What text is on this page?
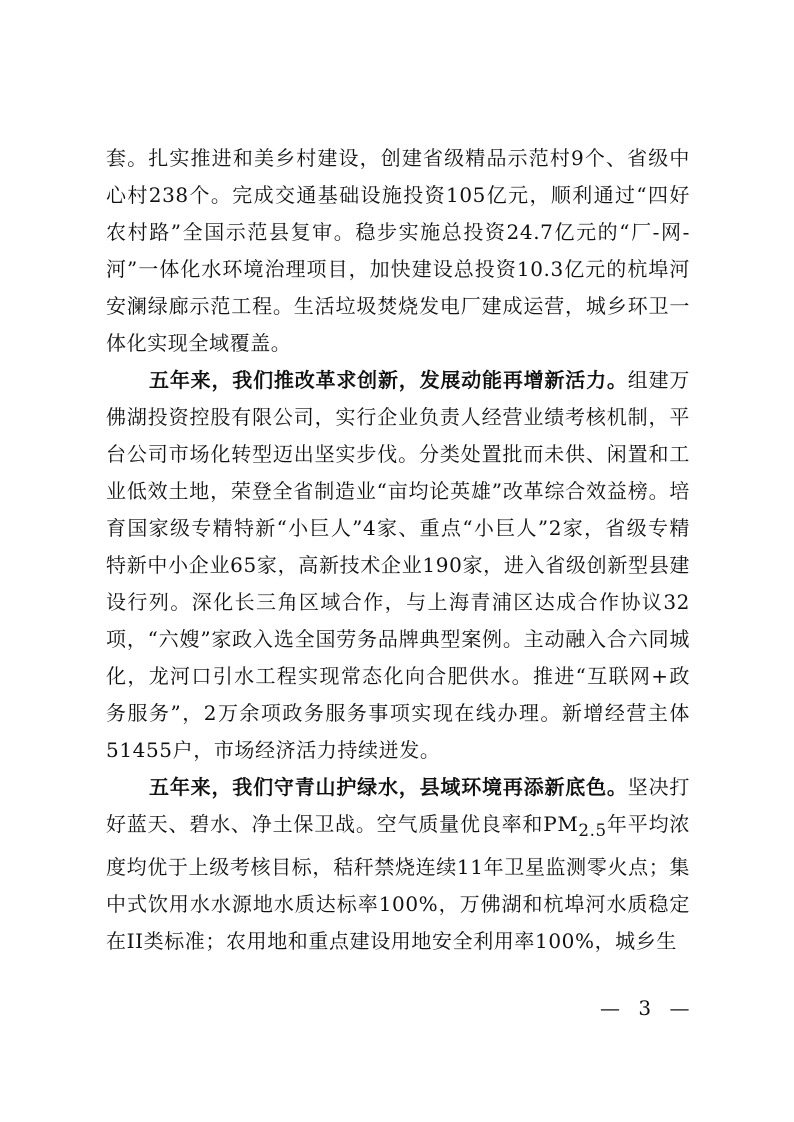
套。扎实推进和美乡村建设，创建省级精品示范村9个、省级中心村238个。完成交通基础设施投资105亿元，顺利通过“四好农村路”全国示范县复审。稳步实施总投资24.7亿元的“厂-网-河”一体化水环境治理项目，加快建设总投资10.3亿元的杭埠河安澜绿廊示范工程。生活垃圾焚烧发电厂建成运营，城乡环卫一体化实现全域覆盖。

五年来，我们推改革求创新，发展动能再增新活力。组建万佛湖投资控股有限公司，实行企业负责人经营业绩考核机制，平台公司市场化转型迈出坚实步伐。分类处置批而未供、闲置和工业低效土地，荣登全省制造业“亩均论英雄”改革综合效益榜。培育国家级专精特新“小巨人”4家、重点“小巨人”2家，省级专精特新中小企业65家，高新技术企业190家，进入省级创新型县建设行列。深化长三角区域合作，与上海青浦区达成合作协议32项，“六嫂”家政入选全国劳务品牌典型案例。主动融入合六同城化，龙河口引水工程实现常态化向合肥供水。推进“互联网+政务服务”，2万余项政务服务事项实现在线办理。新增经营主体51455户，市场经济活力持续迸发。

五年来，我们守青山护绿水，县域环境再添新底色。坚决打好蓝天、碧水、净土保卫战。空气质量优良率和$PM_{2.5}$年平均浓度均优于上级考核目标，秸秆禁烧连续11年卫星监测零火点；集中式饮用水水源地水质达标率100%，万佛湖和杭埠河水质稳定在II类标准；农用地和重点建设用地安全利用率100%，城乡生

— 3 —
